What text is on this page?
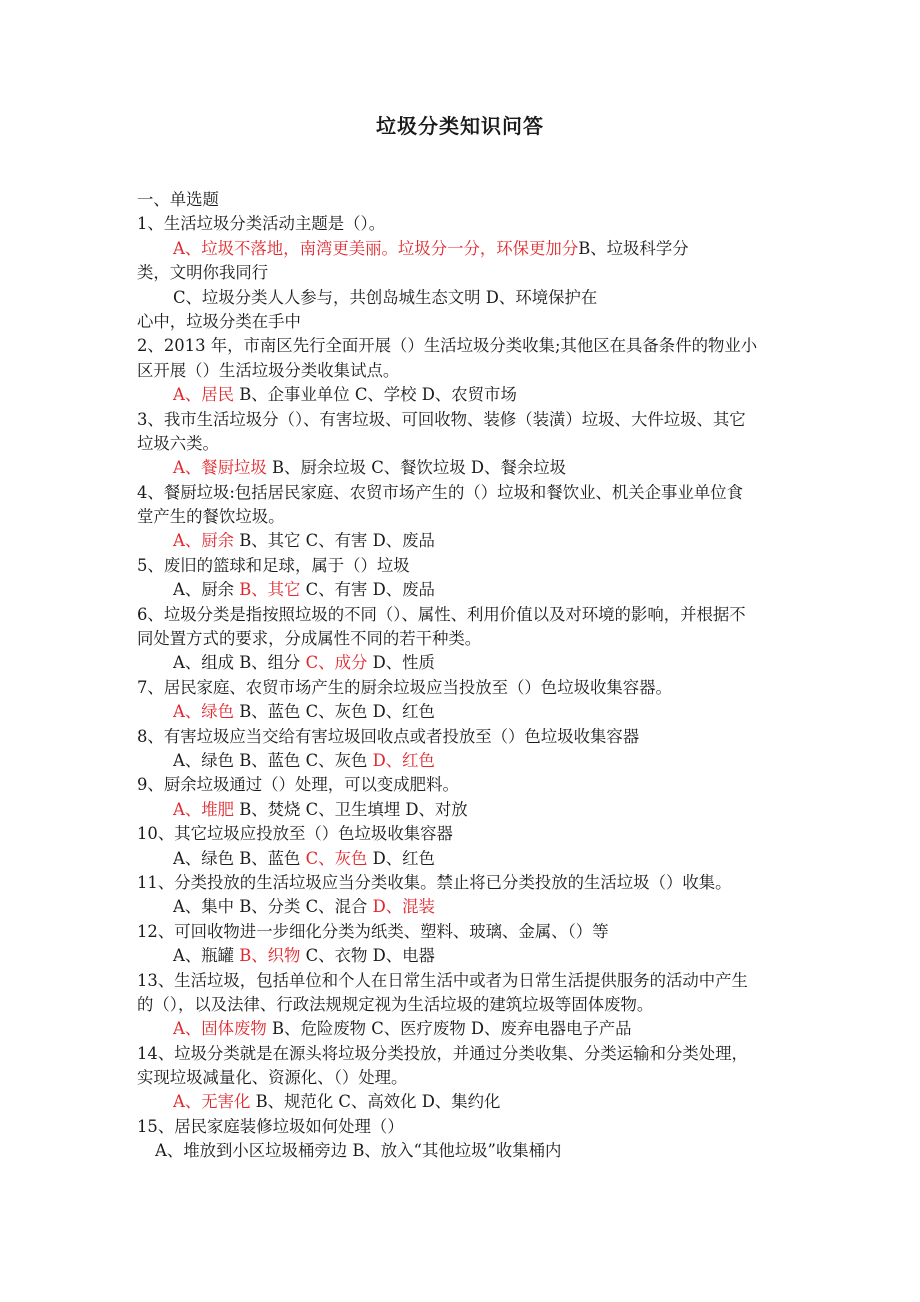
垃圾分类知识问答
一、单选题
1、生活垃圾分类活动主题是（）。
A、垃圾不落地，南湾更美丽。垃圾分一分，环保更加分B、垃圾科学分
类，文明你我同行
C、垃圾分类人人参与，共创岛城生态文明 D、环境保护在
心中，垃圾分类在手中
2、2013 年，市南区先行全面开展（）生活垃圾分类收集;其他区在具备条件的物业小
区开展（）生活垃圾分类收集试点。
A、居民 B、企事业单位 C、学校 D、农贸市场
3、我市生活垃圾分（）、有害垃圾、可回收物、装修（装潢）垃圾、大件垃圾、其它
垃圾六类。
A、餐厨垃圾 B、厨余垃圾 C、餐饮垃圾 D、餐余垃圾
4、餐厨垃圾:包括居民家庭、农贸市场产生的（）垃圾和餐饮业、机关企事业单位食
堂产生的餐饮垃圾。
A、厨余 B、其它 C、有害 D、废品
5、废旧的篮球和足球，属于（）垃圾
A、厨余 B、其它 C、有害 D、废品
6、垃圾分类是指按照垃圾的不同（）、属性、利用价值以及对环境的影响，并根据不
同处置方式的要求，分成属性不同的若干种类。
A、组成 B、组分 C、成分 D、性质
7、居民家庭、农贸市场产生的厨余垃圾应当投放至（）色垃圾收集容器。
A、绿色 B、蓝色 C、灰色 D、红色
8、有害垃圾应当交给有害垃圾回收点或者投放至（）色垃圾收集容器
A、绿色 B、蓝色 C、灰色 D、红色
9、厨余垃圾通过（）处理，可以变成肥料。
A、堆肥 B、焚烧 C、卫生填埋 D、对放
10、其它垃圾应投放至（）色垃圾收集容器
A、绿色 B、蓝色 C、灰色 D、红色
11、分类投放的生活垃圾应当分类收集。禁止将已分类投放的生活垃圾（）收集。
A、集中 B、分类 C、混合 D、混装
12、可回收物进一步细化分类为纸类、塑料、玻璃、金属、（）等
A、瓶罐 B、织物 C、衣物 D、电器
13、生活垃圾，包括单位和个人在日常生活中或者为日常生活提供服务的活动中产生
的（），以及法律、行政法规规定视为生活垃圾的建筑垃圾等固体废物。
A、固体废物 B、危险废物 C、医疗废物 D、废弃电器电子产品
14、垃圾分类就是在源头将垃圾分类投放，并通过分类收集、分类运输和分类处理，
实现垃圾减量化、资源化、（）处理。
A、无害化 B、规范化 C、高效化 D、集约化
15、居民家庭装修垃圾如何处理（）
A、堆放到小区垃圾桶旁边 B、放入“其他垃圾”收集桶内
